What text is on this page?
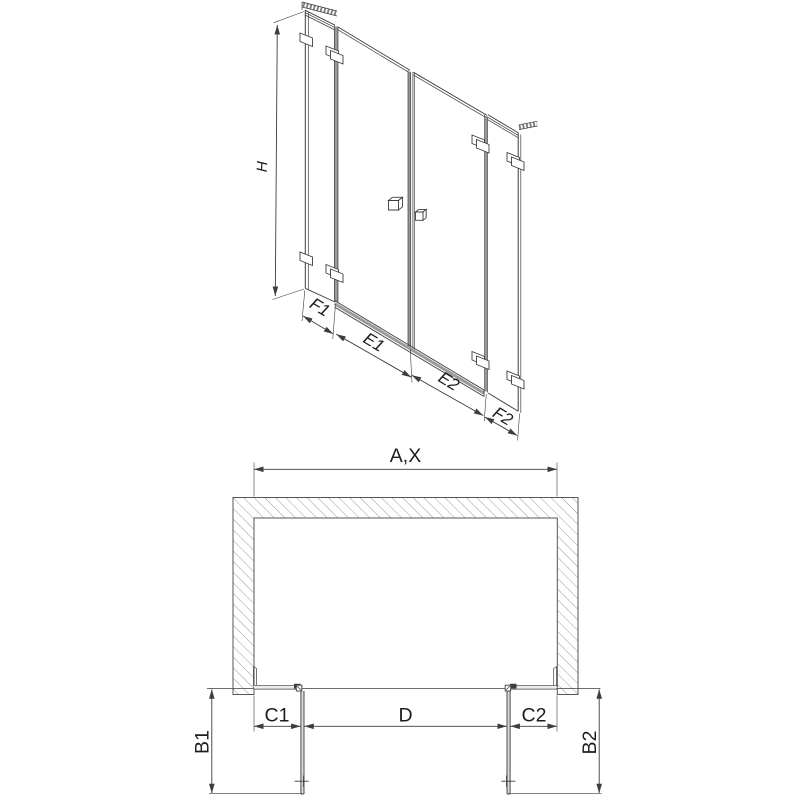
H
F1
E1
E2
F2
A,X
C1	D	C2
B1	B2
